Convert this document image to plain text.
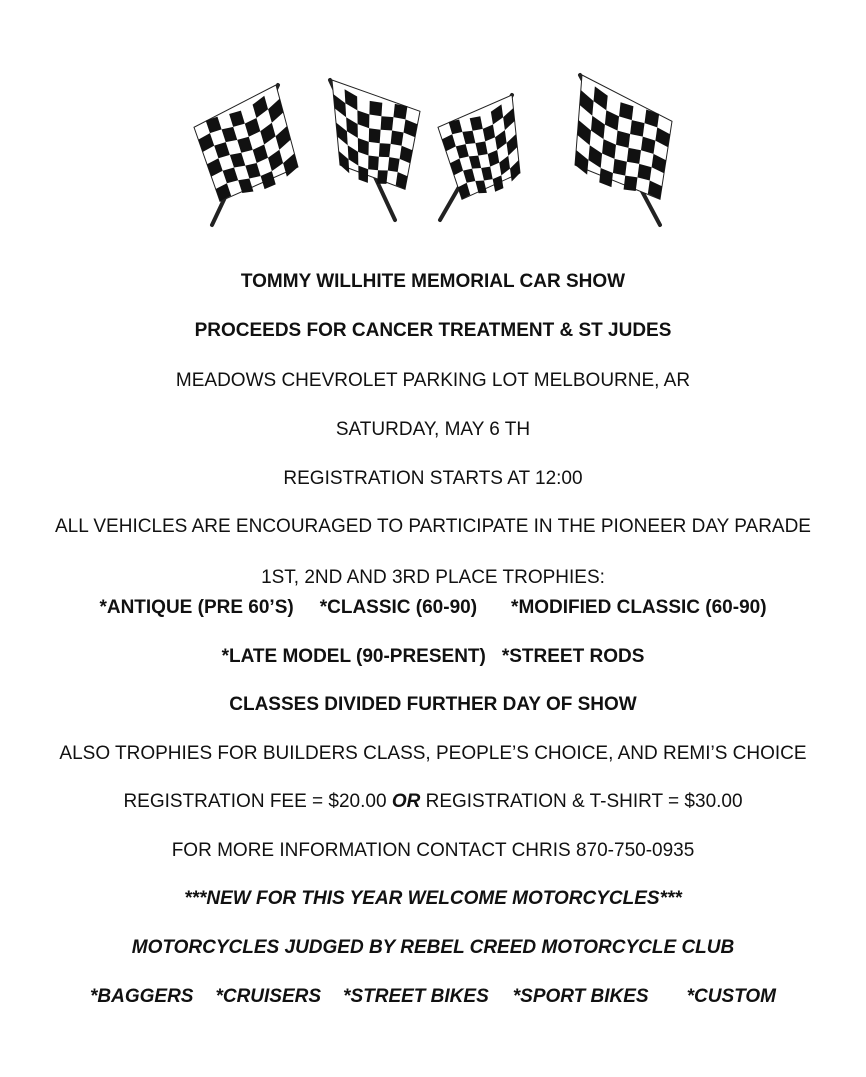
TOMMY WILLHITE MEMORIAL CAR SHOW
PROCEEDS FOR CANCER TREATMENT & ST JUDES
MEADOWS CHEVROLET PARKING LOT MELBOURNE, AR
SATURDAY, MAY 6 TH
REGISTRATION STARTS AT 12:00
ALL VEHICLES ARE ENCOURAGED TO PARTICIPATE IN THE PIONEER DAY PARADE
1ST, 2ND AND 3RD PLACE TROPHIES:
*ANTIQUE (PRE 60’S) *CLASSIC (60-90) *MODIFIED CLASSIC (60-90)
*LATE MODEL (90-PRESENT) *STREET RODS
CLASSES DIVIDED FURTHER DAY OF SHOW
ALSO TROPHIES FOR BUILDERS CLASS, PEOPLE’S CHOICE, AND REMI’S CHOICE
REGISTRATION FEE = $20.00 OR REGISTRATION & T-SHIRT = $30.00
FOR MORE INFORMATION CONTACT CHRIS 870-750-0935
***NEW FOR THIS YEAR WELCOME MOTORCYCLES***
MOTORCYCLES JUDGED BY REBEL CREED MOTORCYCLE CLUB
*BAGGERS *CRUISERS *STREET BIKES *SPORT BIKES *CUSTOM
